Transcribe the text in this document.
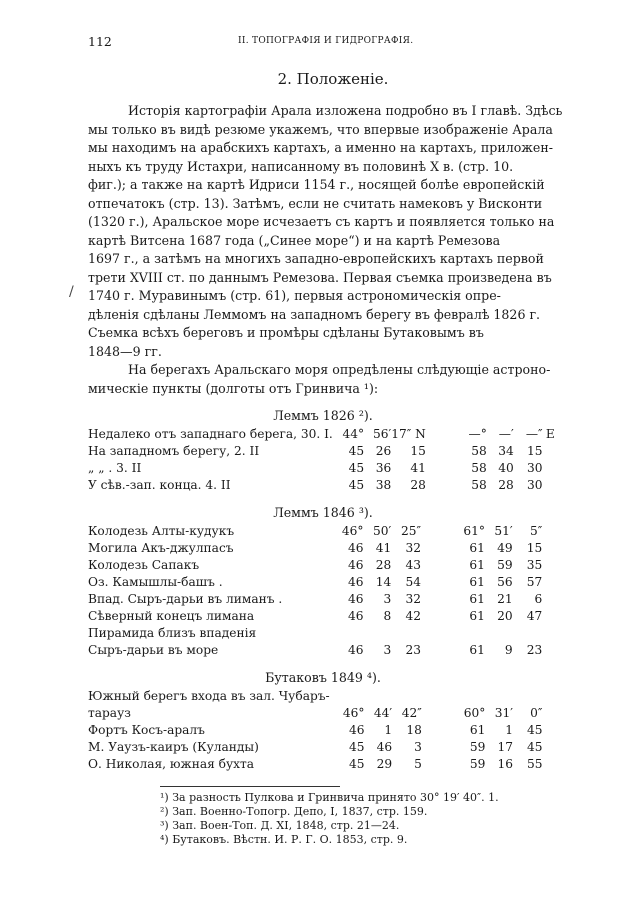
/
112	II. ТОПОГРАФІЯ И ГИДРОГРАФІЯ.
2. Положеніе.
Исторія картографіи Арала изложена подробно въ I главѣ. Здѣсь
мы только въ видѣ резюме укажемъ, что впервые изображеніе Арала
мы находимъ на арабскихъ картахъ, а именно на картахъ, приложен-
ныхъ къ труду Истахри, написанному въ половинѣ X в. (стр. 10.
фиг.); а также на картѣ Идриси 1154 г., носящей болѣе европейскій
отпечатокъ (стр. 13). Затѣмъ, если не считать намековъ у Висконти
(1320 г.), Аральское море исчезаетъ съ картъ и появляется только на
картѣ Витсена 1687 года („Синее море“) и на картѣ Ремезова
1697 г., а затѣмъ на многихъ западно-европейскихъ картахъ первой
трети XVIII ст. по даннымъ Ремезова. Первая съемка произведена въ
1740 г. Муравинымъ (стр. 61), первыя астрономическія опре-
дѣленія сдѣланы Леммомъ на западномъ берегу въ февралѣ 1826 г.
Съемка всѣхъ береговъ и промѣры сдѣланы Бутаковымъ въ
1848—9 гг.
На берегахъ Аральскаго моря опредѣлены слѣдующіе астроно-
мическіе пункты (долготы отъ Гринвича ¹):
Леммъ 1826 ²).
Недалеко отъ западнаго берега, 30. I.	44°	56′	17″ N		—°	—′	—″	E
На западномъ берегу, 2. II	45	26	15		58	34	15	
„ „ . 3. II	45	36	41		58	40	30	
У сѣв.-зап. конца. 4. II	45	38	28		58	28	30	
Леммъ 1846 ³).
Колодезь Алты-кудукъ	46°	50′	25″		61°	51′	5″	
Могила Акъ-джулпасъ	46	41	32		61	49	15	
Колодезь Сапакъ	46	28	43		61	59	35	
Оз. Камышлы-башъ .	46	14	54		61	56	57	
Впад. Сыръ-дарьи въ лиманъ .	46	3	32		61	21	6	
Сѣверный конецъ лимана	46	8	42		61	20	47	
Пирамида близъ впаденія								
Сыръ-дарьи въ море	46	3	23		61	9	23	
Бутаковъ 1849 ⁴).
Южный берегъ входа въ зал. Чубаръ-								
тарауз	46°	44′	42″		60°	31′	0″	
Фортъ Косъ-аралъ	46	1	18		61	1	45	
М. Уаузъ-каиръ (Куланды)	45	46	3		59	17	45	
О. Николая, южная бухта	45	29	5		59	16	55	
¹) За разность Пулкова и Гринвича принято 30° 19′ 40″. 1.
²) Зап. Военно-Топогр. Депо, I, 1837, стр. 159.
³) Зап. Воен-Топ. Д. XI, 1848, стр. 21—24.
⁴) Бутаковъ. Вѣстн. И. Р. Г. О. 1853, стр. 9.
